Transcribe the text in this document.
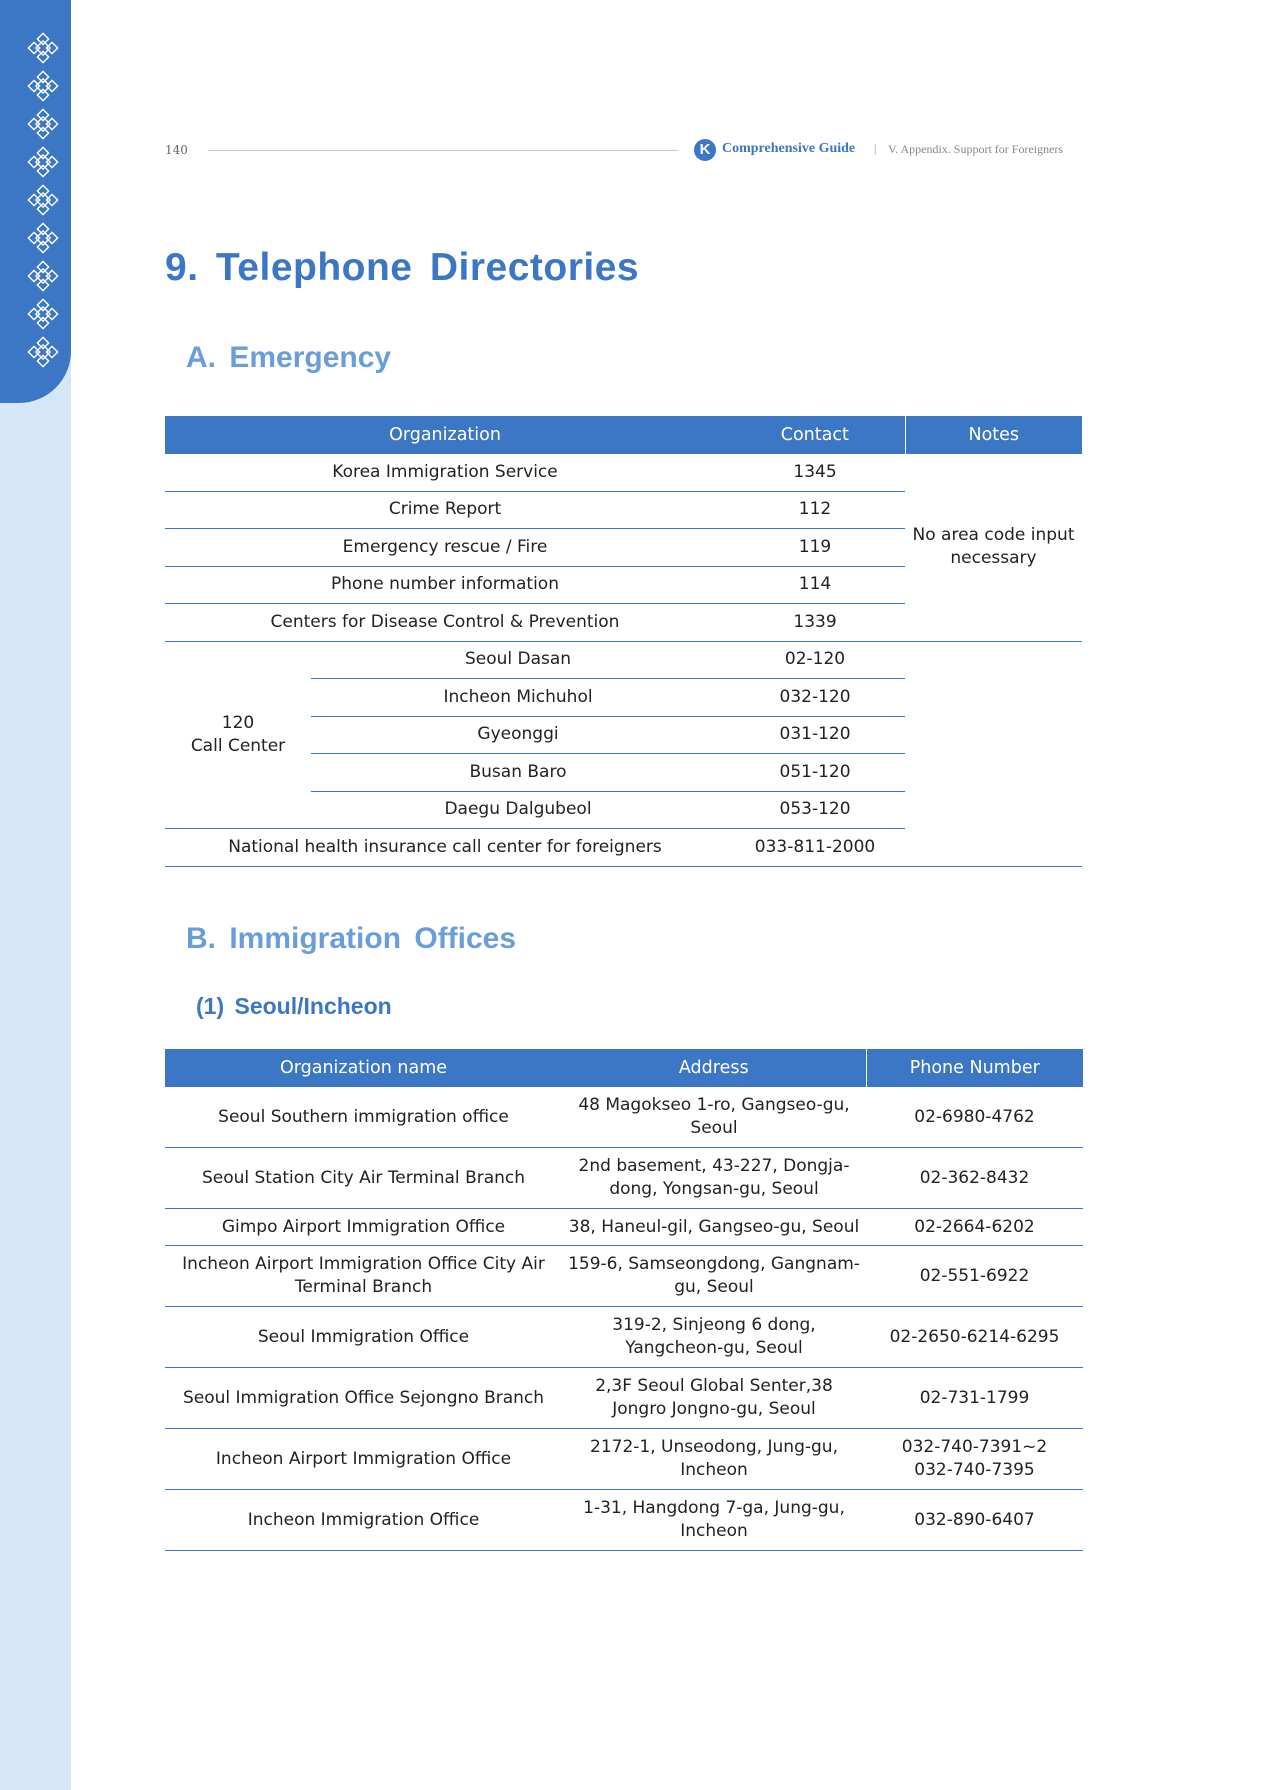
140	K Comprehensive Guide | V. Appendix. Support for Foreigners
9. Telephone Directories
A. Emergency
Organization		Contact	Notes
Korea Immigration Service		1345	No area code input necessary
Crime Report		112	
Emergency rescue / Fire		119	
Phone number information		114	
Centers for Disease Control & Prevention		1339	

120
Call Center	Seoul Dasan	02-120	
	Incheon Michuhol	032-120	
	Gyeonggi	031-120	
	Busan Baro	051-120	
	Daegu Dalgubeol	053-120	
National health insurance call center for foreigners		033-811-2000	
B. Immigration Offices
(1) Seoul/Incheon
Organization name	Address	Phone Number
Seoul Southern immigration office	48 Magokseo 1-ro, Gangseo-gu, Seoul	02-6980-4762
Seoul Station City Air Terminal Branch	2nd basement, 43-227, Dongja-dong, Yongsan-gu, Seoul	02-362-8432
Gimpo Airport Immigration Office	38, Haneul-gil, Gangseo-gu, Seoul	02-2664-6202
Incheon Airport Immigration Office City Air Terminal Branch	159-6, Samseongdong, Gangnam-gu, Seoul	02-551-6922
Seoul Immigration Office	319-2, Sinjeong 6 dong, Yangcheon-gu, Seoul	02-2650-6214-6295
Seoul Immigration Office Sejongno Branch	2,3F Seoul Global Senter,38 Jongro Jongno-gu, Seoul	02-731-1799
Incheon Airport Immigration Office	2172-1, Unseodong, Jung-gu, Incheon	032-740-7391~2
032-740-7395
Incheon Immigration Office	1-31, Hangdong 7-ga, Jung-gu, Incheon	032-890-6407
